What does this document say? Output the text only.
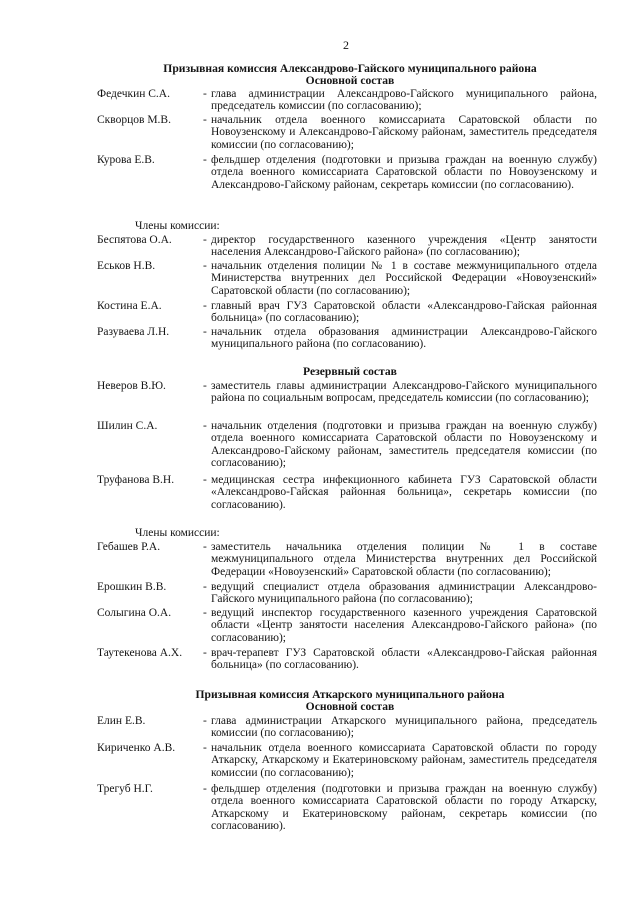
2
Призывная комиссия Александрово-Гайского муниципального района
Основной состав
Федечкин С.А.	- глава администрации Александрово-Гайского муниципального района, председатель комиссии (по согласованию);
Скворцов М.В.	- начальник отдела военного комиссариата Саратовской области по Новоузенскому и Александрово-Гайскому районам, заместитель председателя комиссии (по согласованию);
Курова Е.В.	- фельдшер отделения (подготовки и призыва граждан на военную службу) отдела военного комиссариата Саратовской области по Новоузенскому и Александрово-Гайскому районам, секретарь комиссии (по согласованию).
Члены комиссии:
Беспятова О.А.	- директор государственного казенного учреждения «Центр занятости населения Александрово-Гайского района» (по согласованию);
Еськов Н.В.	- начальник отделения полиции № 1 в составе межмуниципального отдела Министерства внутренних дел Российской Федерации «Новоузенский» Саратовской области (по согласованию);
Костина Е.А.	- главный врач ГУЗ Саратовской области «Александрово-Гайская районная больница» (по согласованию);
Разуваева Л.Н.	- начальник отдела образования администрации Александрово-Гайского муниципального района (по согласованию).
Резервный состав
Неверов В.Ю.	- заместитель главы администрации Александрово-Гайского муниципального района по социальным вопросам, председатель комиссии (по согласованию);
Шилин С.А.	- начальник отделения (подготовки и призыва граждан на военную службу) отдела военного комиссариата Саратовской области по Новоузенскому и Александрово-Гайскому районам, заместитель председателя комиссии (по согласованию);
Труфанова В.Н.	- медицинская сестра инфекционного кабинета ГУЗ Саратовской области «Александрово-Гайская районная больница», секретарь комиссии (по согласованию).
Члены комиссии:
Гебашев Р.А.	- заместитель начальника отделения полиции № 1 в составе межмуниципального отдела Министерства внутренних дел Российской Федерации «Новоузенский» Саратовской области (по согласованию);
Ерошкин В.В.	- ведущий специалист отдела образования администрации Александрово-Гайского муниципального района (по согласованию);
Солыгина О.А.	- ведущий инспектор государственного казенного учреждения Саратовской области «Центр занятости населения Александрово-Гайского района» (по согласованию);
Таутекенова А.Х. - врач-терапевт ГУЗ Саратовской области «Александрово-Гайская районная больница» (по согласованию).
Призывная комиссия Аткарского муниципального района
Основной состав
Елин Е.В.	- глава администрации Аткарского муниципального района, председатель комиссии (по согласованию);
Кириченко А.В. - начальник отдела военного комиссариата Саратовской области по городу Аткарску, Аткарскому и Екатериновскому районам, заместитель председателя комиссии (по согласованию);
Трегуб Н.Г.	- фельдшер отделения (подготовки и призыва граждан на военную службу) отдела военного комиссариата Саратовской области по городу Аткарску, Аткарскому и Екатериновскому районам, секретарь комиссии (по согласованию).
